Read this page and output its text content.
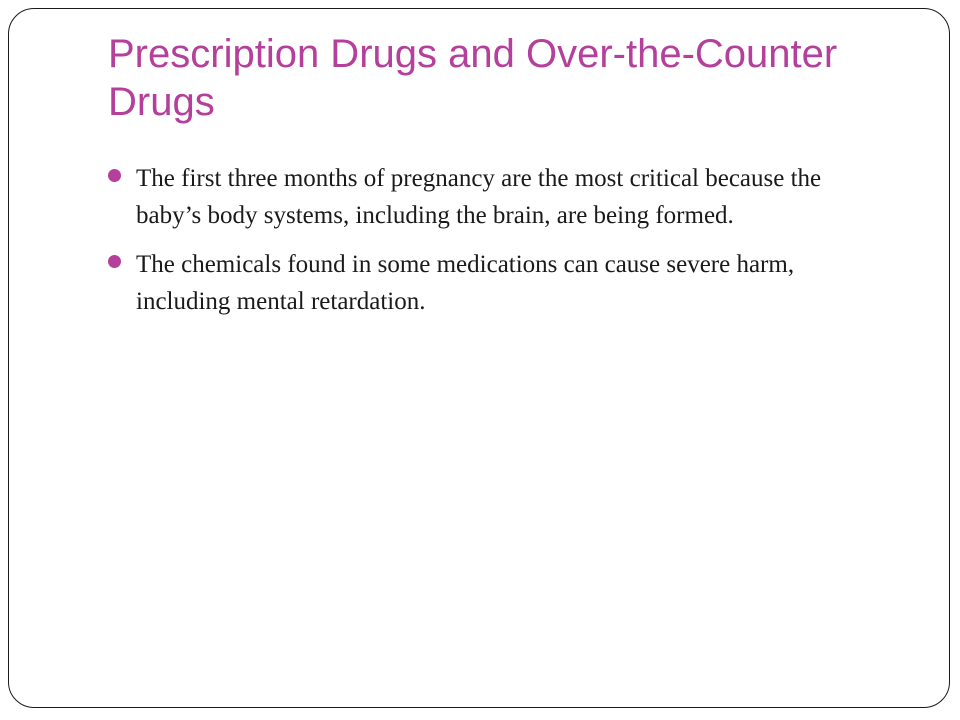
Prescription Drugs and Over-the-Counter Drugs
The first three months of pregnancy are the most critical because the baby’s body systems, including the brain, are being formed.
The chemicals found in some medications can cause severe harm, including mental retardation.
